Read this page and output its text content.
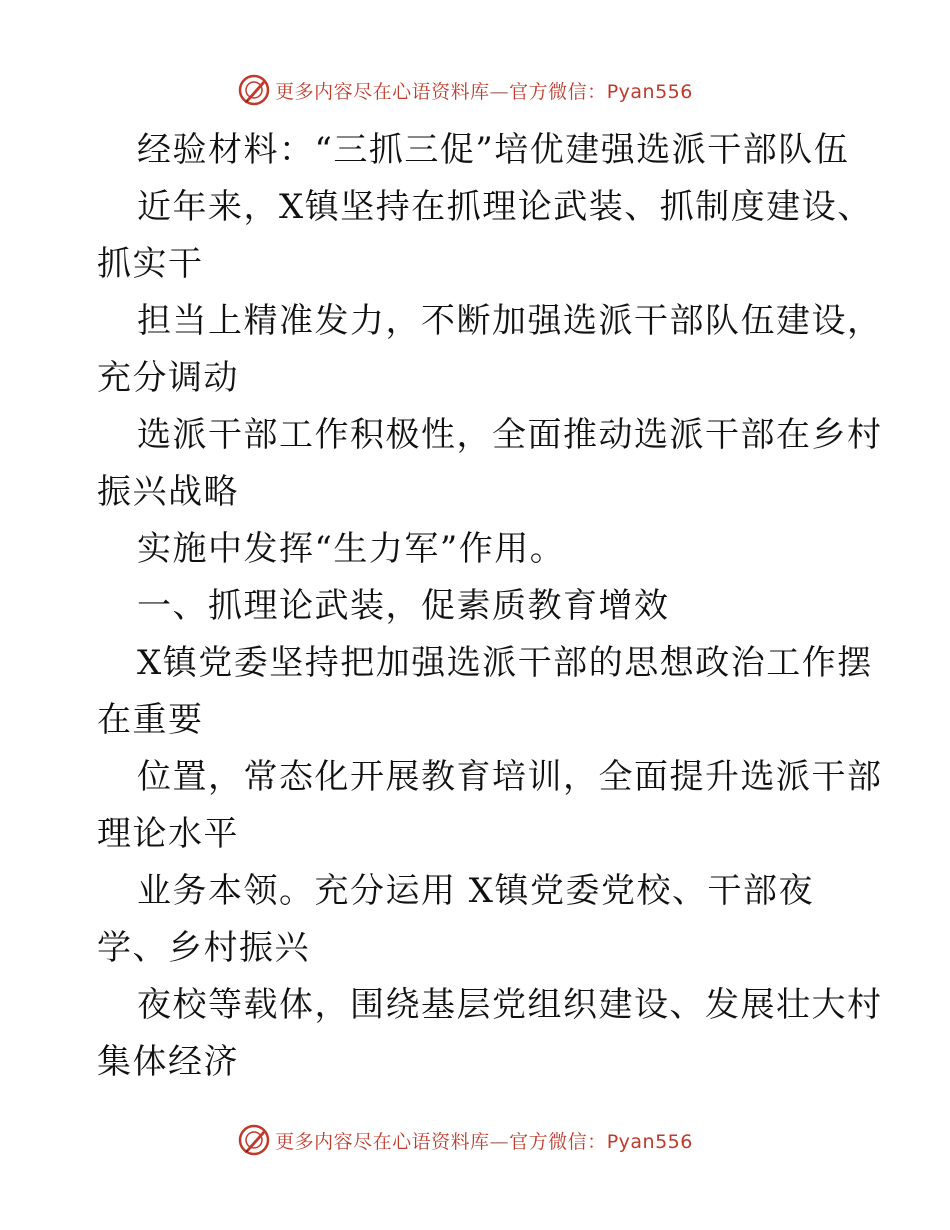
更多内容尽在心语资料库—官方微信：Pyan556
经验材料：“三抓三促”培优建强选派干部队伍
近年来，X镇坚持在抓理论武装、抓制度建设、
抓实干
担当上精准发力，不断加强选派干部队伍建设，
充分调动
选派干部工作积极性，全面推动选派干部在乡村
振兴战略
实施中发挥“生力军”作用。
一、抓理论武装，促素质教育增效
X镇党委坚持把加强选派干部的思想政治工作摆
在重要
位置，常态化开展教育培训，全面提升选派干部
理论水平
业务本领。充分运用 X镇党委党校、干部夜
学、乡村振兴
夜校等载体，围绕基层党组织建设、发展壮大村
集体经济
更多内容尽在心语资料库—官方微信：Pyan556
